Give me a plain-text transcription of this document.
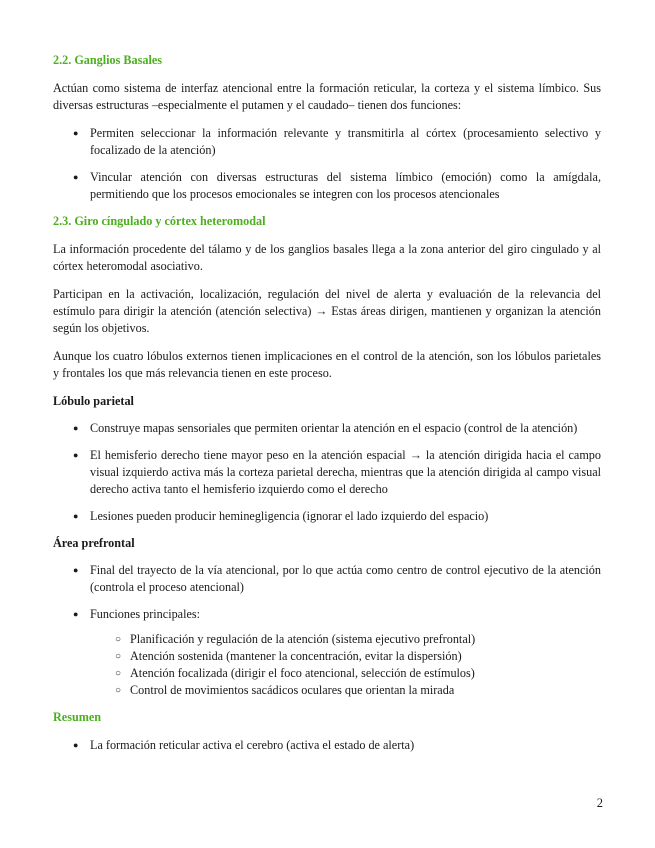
2.2. Ganglios Basales

Actúan como sistema de interfaz atencional entre la formación reticular, la corteza y el sistema límbico. Sus diversas estructuras –especialmente el putamen y el caudado– tienen dos funciones:

● Permiten seleccionar la información relevante y transmitirla al córtex (procesamiento selectivo y focalizado de la atención)
● Vincular atención con diversas estructuras del sistema límbico (emoción) como la amígdala, permitiendo que los procesos emocionales se integren con los procesos atencionales
2.3. Giro cíngulado y córtex heteromodal

La información procedente del tálamo y de los ganglios basales llega a la zona anterior del giro cingulado y al córtex heteromodal asociativo.

Participan en la activación, localización, regulación del nivel de alerta y evaluación de la relevancia del estímulo para dirigir la atención (atención selectiva) → Estas áreas dirigen, mantienen y organizan la atención según los objetivos.

Aunque los cuatro lóbulos externos tienen implicaciones en el control de la atención, son los lóbulos parietales y frontales los que más relevancia tienen en este proceso.

Lóbulo parietal
● Construye mapas sensoriales que permiten orientar la atención en el espacio (control de la atención)
● El hemisferio derecho tiene mayor peso en la atención espacial → la atención dirigida hacia el campo visual izquierdo activa más la corteza parietal derecha, mientras que la atención dirigida al campo visual derecho activa tanto el hemisferio izquierdo como el derecho
● Lesiones pueden producir heminegligencia (ignorar el lado izquierdo del espacio)
Área prefrontal
● Final del trayecto de la vía atencional, por lo que actúa como centro de control ejecutivo de la atención (controla el proceso atencional)
● Funciones principales:
○ Planificación y regulación de la atención (sistema ejecutivo prefrontal)
○ Atención sostenida (mantener la concentración, evitar la dispersión)
○ Atención focalizada (dirigir el foco atencional, selección de estímulos)
○ Control de movimientos sacádicos oculares que orientan la mirada
Resumen
● La formación reticular activa el cerebro (activa el estado de alerta)
2
